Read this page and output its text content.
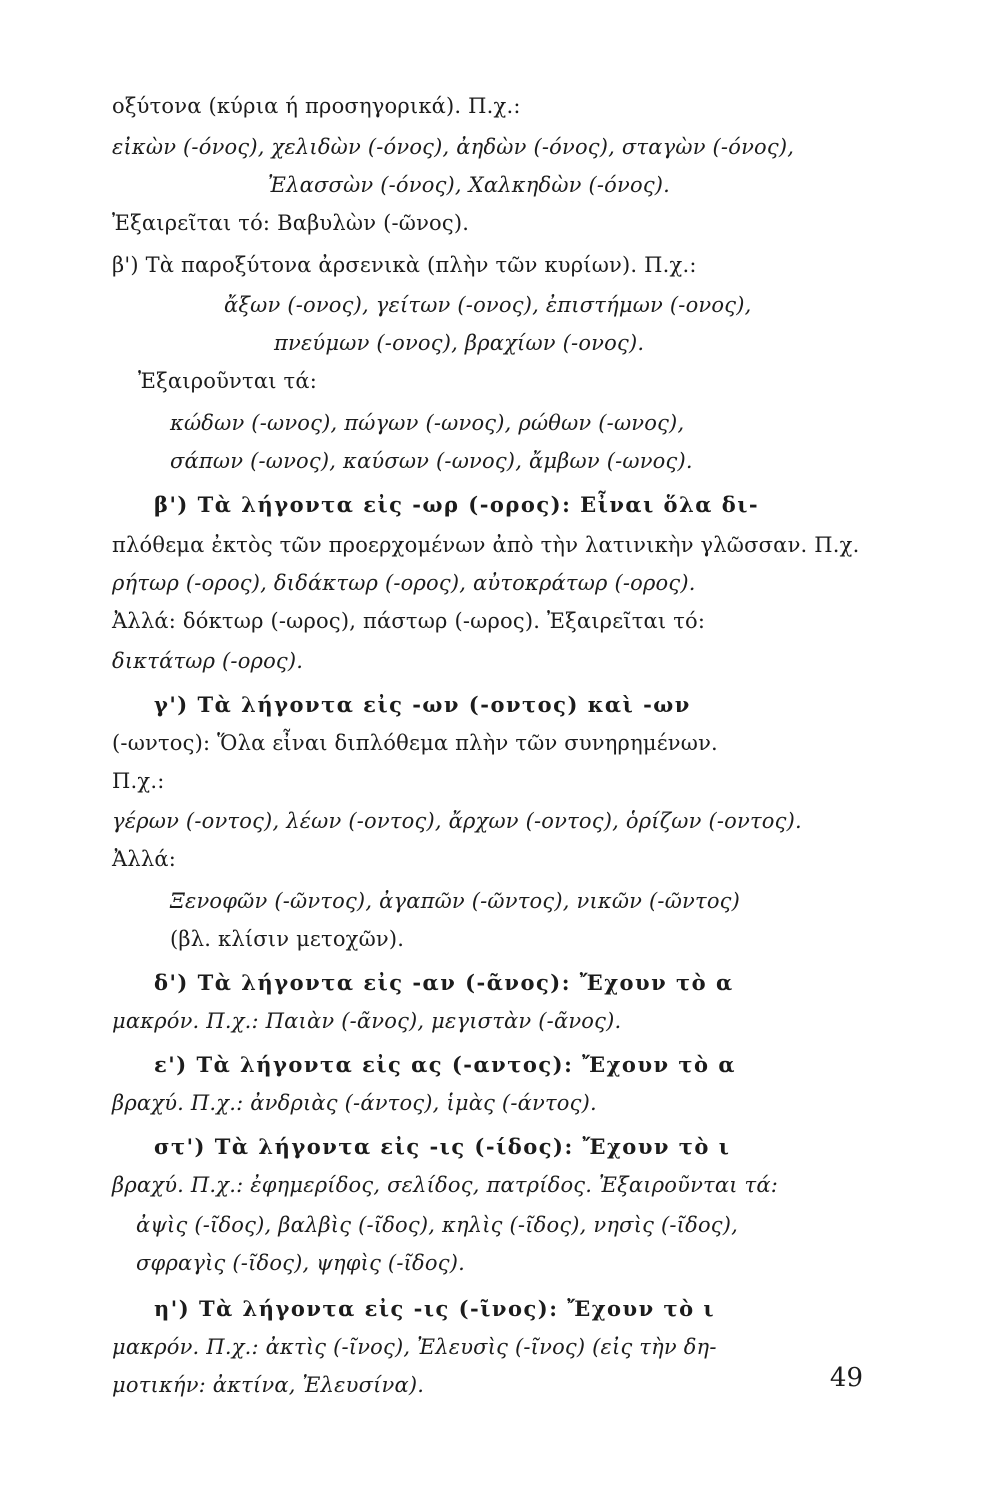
οξύτονα (κύρια ή προσηγορικά). Π.χ.:
εἰκὼν (-όνος), χελιδὼν (-όνος), ἀηδὼν (-όνος), σταγὼν (-όνος),
Ἐλασσὼν (-όνος), Χαλκηδὼν (-όνος).
Ἐξαιρεῖται τό: Βαβυλὼν (-ῶνος).
β') Τὰ παροξύτονα ἀρσενικὰ (πλὴν τῶν κυρίων). Π.χ.:
ἄξων (-ονος), γείτων (-ονος), ἐπιστήμων (-ονος),
πνεύμων (-ονος), βραχίων (-ονος).
Ἐξαιροῦνται τά:
κώδων (-ωνος), πώγων (-ωνος), ρώθων (-ωνος),
σάπων (-ωνος), καύσων (-ωνος), ἄμβων (-ωνος).
β') Τὰ λήγοντα εἰς -ωρ (-ορος): Εἶναι ὅλα δι-
πλόθεμα ἐκτὸς τῶν προερχομένων ἀπὸ τὴν λατινικὴν γλῶσσαν. Π.χ.
ρήτωρ (-ορος), διδάκτωρ (-ορος), αὐτοκράτωρ (-ορος).
Ἀλλά: δόκτωρ (-ωρος), πάστωρ (-ωρος). Ἐξαιρεῖται τό:
δικτάτωρ (-ορος).
γ') Τὰ λήγοντα εἰς -ων (-οντος) καὶ -ων
(-ωντος): Ὅλα εἶναι διπλόθεμα πλὴν τῶν συνηρημένων.
Π.χ.:
γέρων (-οντος), λέων (-οντος), ἄρχων (-οντος), ὁρίζων (-οντος).
Ἀλλά:
Ξενοφῶν (-ῶντος), ἀγαπῶν (-ῶντος), νικῶν (-ῶντος)
(βλ. κλίσιν μετοχῶν).
δ') Τὰ λήγοντα εἰς -αν (-ᾶνος): Ἔχουν τὸ α
μακρόν. Π.χ.: Παιὰν (-ᾶνος), μεγιστὰν (-ᾶνος).
ε') Τὰ λήγοντα εἰς ας (-αντος): Ἔχουν τὸ α
βραχύ. Π.χ.: ἀνδριὰς (-άντος), ἱμὰς (-άντος).
στ') Τὰ λήγοντα εἰς -ις (-ίδος): Ἔχουν τὸ ι
βραχύ. Π.χ.: ἐφημερίδος, σελίδος, πατρίδος. Ἐξαιροῦνται τά:
ἀψὶς (-ῖδος), βαλβὶς (-ῖδος), κηλὶς (-ῖδος), νησὶς (-ῖδος),
σφραγὶς (-ῖδος), ψηφὶς (-ῖδος).
η') Τὰ λήγοντα εἰς -ις (-ῖνος): Ἔχουν τὸ ι
μακρόν. Π.χ.: ἀκτὶς (-ῖνος), Ἐλευσὶς (-ῖνος) (εἰς τὴν δη-
μοτικήν: ἀκτίνα, Ἐλευσίνα).	49
